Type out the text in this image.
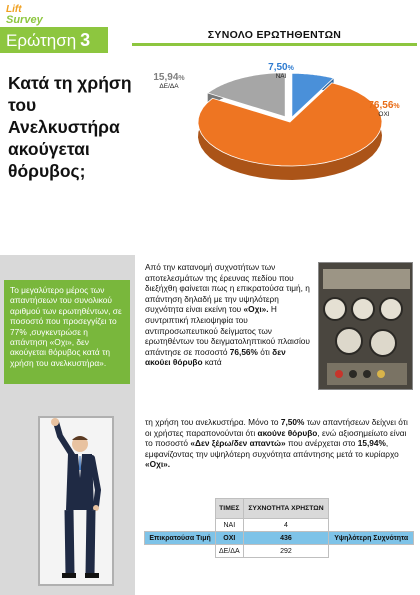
Lift
Survey
Ερώτηση 3	ΣΥΝΟΛΟ ΕΡΩΤΗΘΕΝΤΩΝ
Κατά τη χρήση του Ανελκυστήρα ακούγεται θόρυβος;
Το μεγαλύτερο μέρος των απαντήσεων του συνολικού αριθμού των ερωτηθέντων, σε ποσοστό που προσεγγίζει το 77% ,συγκεντρώσε η απάντηση «Οχι», δεν ακούγεται θόρυβος κατά τη χρήση του ανελκυστήρα».
7,50%
ΝΑΙ
76,56%
ΟΧΙ
15,94%
ΔΕ/ΔΑ
Από την κατανομή συχνοτήτων των αποτελεσμάτων της έρευνας πεδίου που διεξήχθη φαίνεται πως η επικρατούσα τιμή, η απάντηση δηλαδή με την υψηλότερη συχνότητα είναι εκείνη του «Οχι». Η συντριπτική πλειοψηφία του αντιπροσωπευτικού δείγματος των ερωτηθέντων του δειγματοληπτικού πλαισίου απάντησε σε ποσοστό 76,56% ότι δεν ακούει θόρυβο κατά
τη χρήση του ανελκυστήρα. Μόνο το 7,50% των απαντήσεων δείχνει ότι οι χρήστες παραπονούνται ότι ακούνε θόρυβο, ενώ αξιοσημείωτο είναι το ποσοστό «Δεν ξέρω/δεν απαντώ» που ανέρχεται στο 15,94%, εμφανίζοντας την υψηλότερη συχνότητα απάντησης μετά το κυρίαρχο «Οχι».
	ΤΙΜΕΣ	ΣΥΧΝΟΤΗΤΑ ΧΡΗΣΤΩΝ	
	ΝΑΙ	4	
Επικρατούσα Τιμή	ΟΧΙ	436	Υψηλότερη Συχνότητα
	ΔΕ/ΔΑ	292	
